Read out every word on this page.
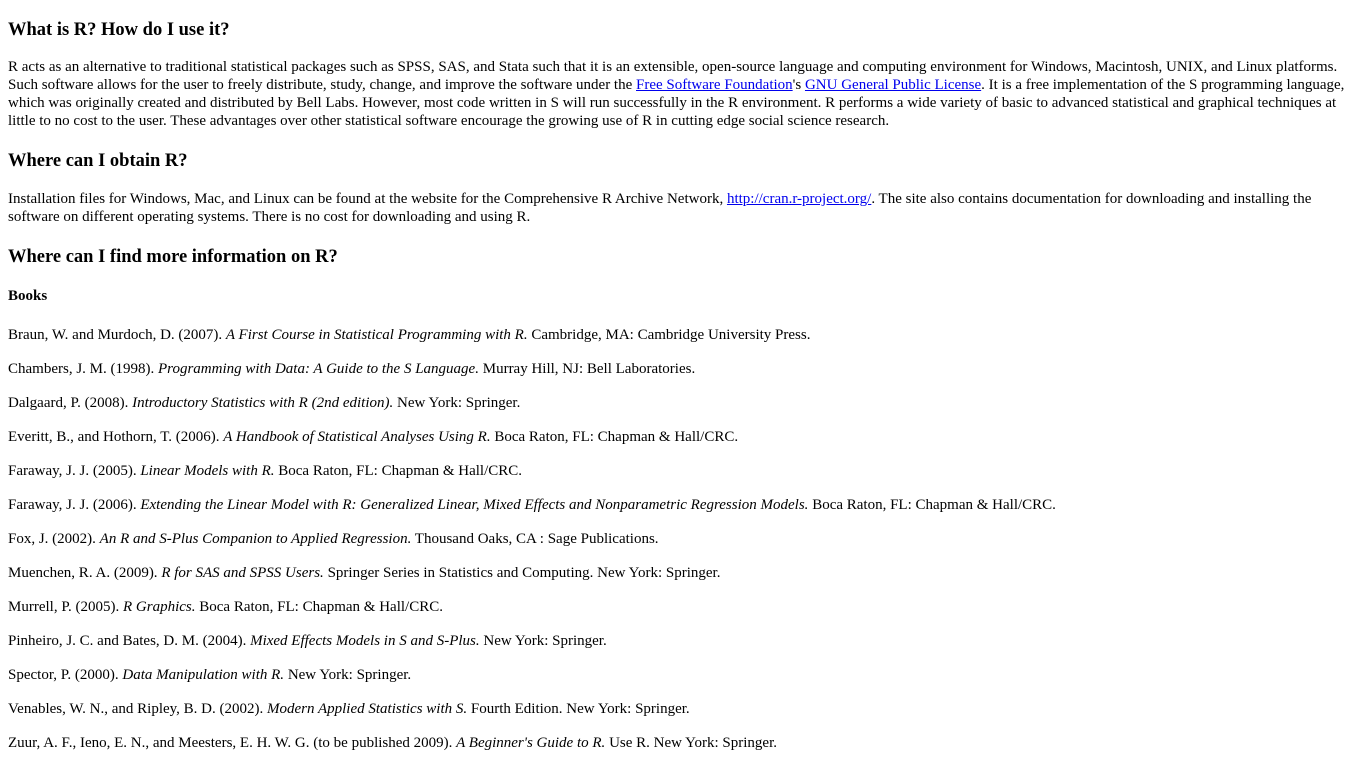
What is R? How do I use it?

R acts as an alternative to traditional statistical packages such as SPSS, SAS, and Stata such that it is an extensible, open-source language and computing environment for Windows, Macintosh, UNIX, and Linux platforms. Such software allows for the user to freely distribute, study, change, and improve the software under the Free Software Foundation's GNU General Public License. It is a free implementation of the S programming language, which was originally created and distributed by Bell Labs. However, most code written in S will run successfully in the R environment. R performs a wide variety of basic to advanced statistical and graphical techniques at little to no cost to the user. These advantages over other statistical software encourage the growing use of R in cutting edge social science research.

Where can I obtain R?

Installation files for Windows, Mac, and Linux can be found at the website for the Comprehensive R Archive Network, http://cran.r-project.org/. The site also contains documentation for downloading and installing the software on different operating systems. There is no cost for downloading and using R.

Where can I find more information on R?
Books
Braun, W. and Murdoch, D. (2007). A First Course in Statistical Programming with R. Cambridge, MA: Cambridge University Press.
Chambers, J. M. (1998). Programming with Data: A Guide to the S Language. Murray Hill, NJ: Bell Laboratories.
Dalgaard, P. (2008). Introductory Statistics with R (2nd edition). New York: Springer.
Everitt, B., and Hothorn, T. (2006). A Handbook of Statistical Analyses Using R. Boca Raton, FL: Chapman & Hall/CRC.
Faraway, J. J. (2005). Linear Models with R. Boca Raton, FL: Chapman & Hall/CRC.
Faraway, J. J. (2006). Extending the Linear Model with R: Generalized Linear, Mixed Effects and Nonparametric Regression Models. Boca Raton, FL: Chapman & Hall/CRC.
Fox, J. (2002). An R and S-Plus Companion to Applied Regression. Thousand Oaks, CA : Sage Publications.
Muenchen, R. A. (2009). R for SAS and SPSS Users. Springer Series in Statistics and Computing. New York: Springer.
Murrell, P. (2005). R Graphics. Boca Raton, FL: Chapman & Hall/CRC.
Pinheiro, J. C. and Bates, D. M. (2004). Mixed Effects Models in S and S-Plus. New York: Springer.
Spector, P. (2000). Data Manipulation with R. New York: Springer.
Venables, W. N., and Ripley, B. D. (2002). Modern Applied Statistics with S. Fourth Edition. New York: Springer.
Zuur, A. F., Ieno, E. N., and Meesters, E. H. W. G. (to be published 2009). A Beginner's Guide to R. Use R. New York: Springer.
